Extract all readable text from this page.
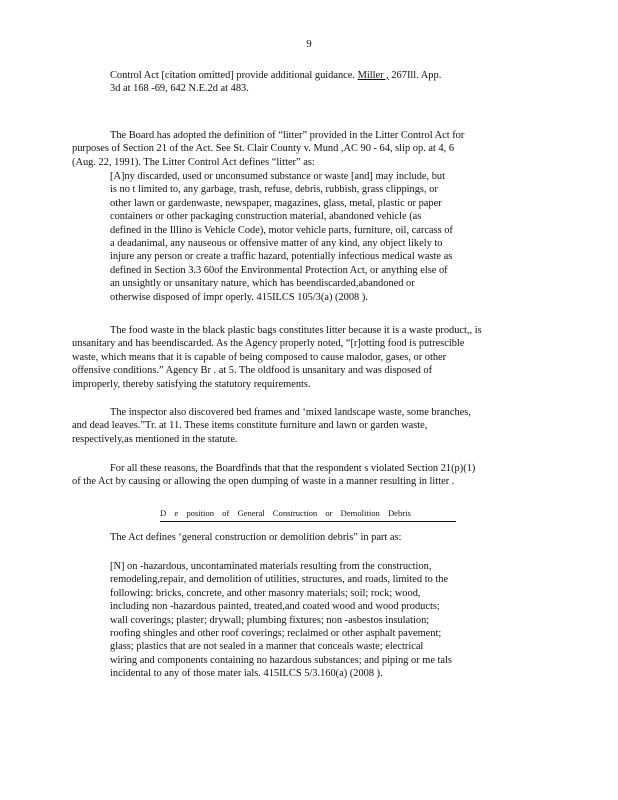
9
Control Act [citation omitted] provide additional guidance. Miller , 267Ill. App.
3d at 168 -69, 642 N.E.2d at 483.
The Board has adopted the definition of “litter” provided in the Litter Control Act for
purposes of Section 21 of the Act. See St. Clair County v. Mund ,AC 90 - 64, slip op. at 4, 6
(Aug. 22, 1991). The Litter Control Act defines “litter” as:
[A]ny discarded, used or unconsumed substance or waste [and] may include, but
is no t limited to, any garbage, trash, refuse, debris, rubbish, grass clippings, or
other lawn or gardenwaste, newspaper, magazines, glass, metal, plastic or paper
containers or other packaging construction material, abandoned vehicle (as
defined in the Illino is Vehicle Code), motor vehicle parts, furniture, oil, carcass of
a deadanimal, any nauseous or offensive matter of any kind, any object likely to
injure any person or create a traffic hazard, potentially infectious medical waste as
defined in Section 3.3 60of the Environmental Protection Act, or anything else of
an unsightly or unsanitary nature, which has beendiscarded,abandoned or
otherwise disposed of impr operly. 415ILCS 105/3(a) (2008 ).
The food waste in the black plastic bags constitutes litter because it is a waste product,, is
unsanitary and has beendiscarded. As the Agency properly noted, “[r]otting food is putrescible
waste, which means that it is capable of being composed to cause malodor, gases, or other
offensive conditions.” Agency Br . at 5. The oldfood is unsanitary and was disposed of
improperly, thereby satisfying the statutory requirements.
The inspector also discovered bed frames and ‘mixed landscape waste, some branches,
and dead leaves.”Tr. at 11. These items constitute furniture and lawn or garden waste,
respectively,as mentioned in the statute.
For all these reasons, the Boardfinds that that the respondent s violated Section 21(p)(1)
of the Act by causing or allowing the open dumping of waste in a manner resulting in litter .
D e position of General Construction or Demolition Debris
The Act defines ‘general construction or demolition debris” in part as:
[N] on -hazardous, uncontaminated materials resulting from the construction,
remodeling,repair, and demolition of utilities, structures, and roads, limited to the
following: bricks, concrete, and other masonry materials; soil; rock; wood,
including non -hazardous painted, treated,and coated wood and wood products;
wall coverings; plaster; drywall; plumbing fixtures; non -asbestos insulation;
roofing shingles and other roof coverings; reclaimed or other asphalt pavement;
glass; plastics that are not sealed in a manner that conceals waste; electrical
wiring and components containing no hazardous substances; and piping or me tals
incidental to any of those mater ials. 415ILCS 5/3.160(a) (2008 ).
